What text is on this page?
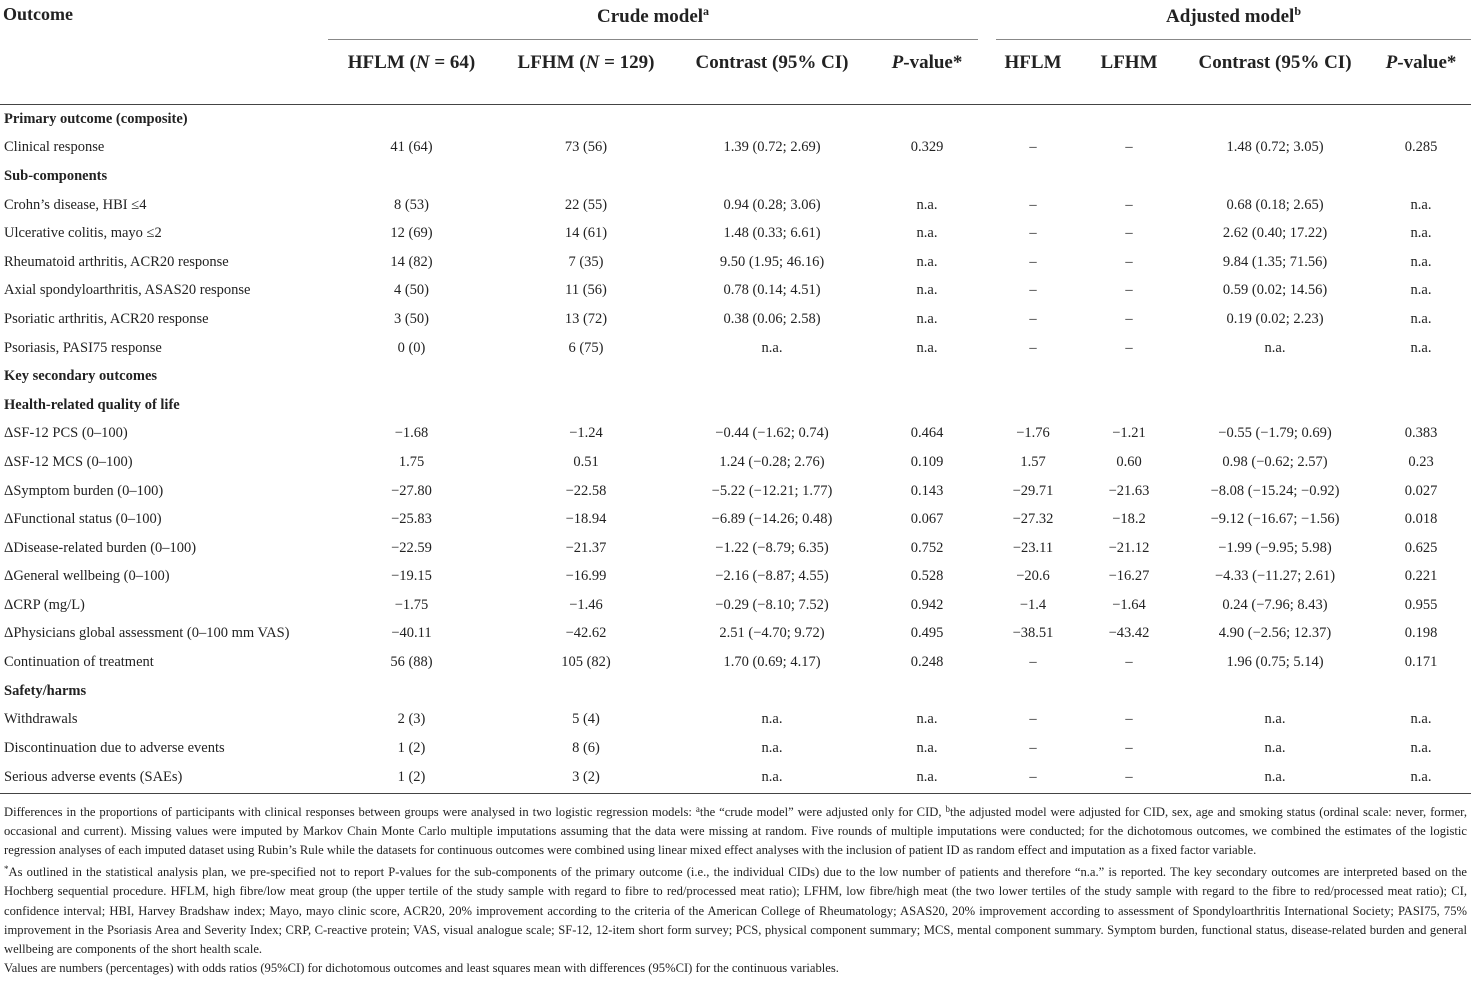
Outcome	Crude model$^a$				Adjusted model$^b$
	HFLM (N = 64)	LFHM (N = 129)	Contrast (95% CI)	P-value*	HFLM	LFHM	Contrast (95% CI)	P-value*

Primary outcome (composite)								
Clinical response	41 (64)	73 (56)	1.39 (0.72; 2.69)	0.329	–	–	1.48 (0.72; 3.05)	0.285
Sub-components								
Crohn’s disease, HBI ≤4	8 (53)	22 (55)	0.94 (0.28; 3.06)	n.a.	–	–	0.68 (0.18; 2.65)	n.a.
Ulcerative colitis, mayo ≤2	12 (69)	14 (61)	1.48 (0.33; 6.61)	n.a.	–	–	2.62 (0.40; 17.22)	n.a.
Rheumatoid arthritis, ACR20 response	14 (82)	7 (35)	9.50 (1.95; 46.16)	n.a.	–	–	9.84 (1.35; 71.56)	n.a.
Axial spondyloarthritis, ASAS20 response	4 (50)	11 (56)	0.78 (0.14; 4.51)	n.a.	–	–	0.59 (0.02; 14.56)	n.a.
Psoriatic arthritis, ACR20 response	3 (50)	13 (72)	0.38 (0.06; 2.58)	n.a.	–	–	0.19 (0.02; 2.23)	n.a.
Psoriasis, PASI75 response	0 (0)	6 (75)	n.a.	n.a.	–	–	n.a.	n.a.
Key secondary outcomes								
Health-related quality of life								
ΔSF-12 PCS (0–100)	−1.68	−1.24	−0.44 (−1.62; 0.74)	0.464	−1.76	−1.21	−0.55 (−1.79; 0.69)	0.383
ΔSF-12 MCS (0–100)	1.75	0.51	1.24 (−0.28; 2.76)	0.109	1.57	0.60	0.98 (−0.62; 2.57)	0.23
ΔSymptom burden (0–100)	−27.80	−22.58	−5.22 (−12.21; 1.77)	0.143	−29.71	−21.63	−8.08 (−15.24; −0.92)	0.027
ΔFunctional status (0–100)	−25.83	−18.94	−6.89 (−14.26; 0.48)	0.067	−27.32	−18.2	−9.12 (−16.67; −1.56)	0.018
ΔDisease-related burden (0–100)	−22.59	−21.37	−1.22 (−8.79; 6.35)	0.752	−23.11	−21.12	−1.99 (−9.95; 5.98)	0.625
ΔGeneral wellbeing (0–100)	−19.15	−16.99	−2.16 (−8.87; 4.55)	0.528	−20.6	−16.27	−4.33 (−11.27; 2.61)	0.221
ΔCRP (mg/L)	−1.75	−1.46	−0.29 (−8.10; 7.52)	0.942	−1.4	−1.64	0.24 (−7.96; 8.43)	0.955
ΔPhysicians global assessment (0–100 mm VAS)	−40.11	−42.62	2.51 (−4.70; 9.72)	0.495	−38.51	−43.42	4.90 (−2.56; 12.37)	0.198
Continuation of treatment	56 (88)	105 (82)	1.70 (0.69; 4.17)	0.248	–	–	1.96 (0.75; 5.14)	0.171
Safety/harms								
Withdrawals	2 (3)	5 (4)	n.a.	n.a.	–	–	n.a.	n.a.
Discontinuation due to adverse events	1 (2)	8 (6)	n.a.	n.a.	–	–	n.a.	n.a.
Serious adverse events (SAEs)	1 (2)	3 (2)	n.a.	n.a.	–	–	n.a.	n.a.

Differences in the proportions of participants with clinical responses between groups were analysed in two logistic regression models: $^a$the “crude model” were adjusted only for CID, $^b$the adjusted model were adjusted for CID, sex, age and smoking status (ordinal scale: never, former, occasional and current). Missing values were imputed by Markov Chain Monte Carlo multiple imputations assuming that the data were missing at random. Five rounds of multiple imputations were conducted; for the dichotomous outcomes, we combined the estimates of the logistic regression analyses of each imputed dataset using Rubin’s Rule while the datasets for continuous outcomes were combined using linear mixed effect analyses with the inclusion of patient ID as random effect and imputation as a fixed factor variable.

*As outlined in the statistical analysis plan, we pre-specified not to report P-values for the sub-components of the primary outcome (i.e., the individual CIDs) due to the low number of patients and therefore “n.a.” is reported. The key secondary outcomes are interpreted based on the Hochberg sequential procedure. HFLM, high fibre/low meat group (the upper tertile of the study sample with regard to fibre to red/processed meat ratio); LFHM, low fibre/high meat (the two lower tertiles of the study sample with regard to the fibre to red/processed meat ratio); CI, confidence interval; HBI, Harvey Bradshaw index; Mayo, mayo clinic score, ACR20, 20% improvement according to the criteria of the American College of Rheumatology; ASAS20, 20% improvement according to assessment of Spondyloarthritis International Society; PASI75, 75% improvement in the Psoriasis Area and Severity Index; CRP, C-reactive protein; VAS, visual analogue scale; SF-12, 12-item short form survey; PCS, physical component summary; MCS, mental component summary. Symptom burden, functional status, disease-related burden and general wellbeing are components of the short health scale.

Values are numbers (percentages) with odds ratios (95%CI) for dichotomous outcomes and least squares mean with differences (95%CI) for the continuous variables.
